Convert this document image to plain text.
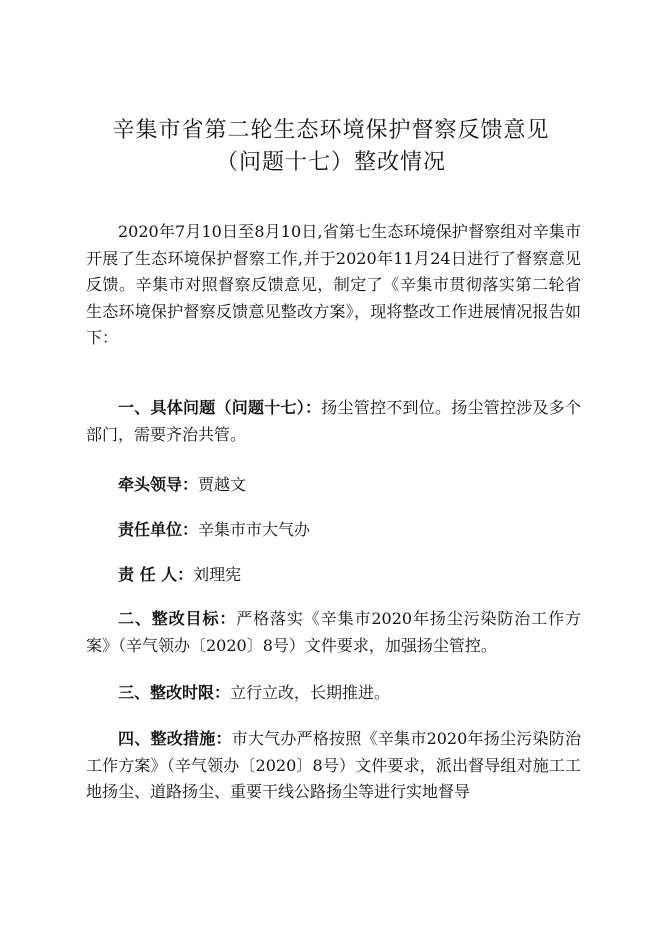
辛集市省第二轮生态环境保护督察反馈意见
（问题十七）整改情况

2020年7月10日至8月10日,省第七生态环境保护督察组对辛集市开展了生态环境保护督察工作,并于2020年11月24日进行了督察意见反馈。辛集市对照督察反馈意见，制定了《辛集市贯彻落实第二轮省生态环境保护督察反馈意见整改方案》，现将整改工作进展情况报告如下：

一、具体问题（问题十七）：扬尘管控不到位。扬尘管控涉及多个部门，需要齐治共管。

牵头领导：贾越文

责任单位：辛集市市大气办

责 任 人：刘理宪

二、整改目标：严格落实《辛集市2020年扬尘污染防治工作方案》（辛气领办〔2020〕8号）文件要求，加强扬尘管控。

三、整改时限：立行立改，长期推进。

四、整改措施：市大气办严格按照《辛集市2020年扬尘污染防治工作方案》（辛气领办〔2020〕8号）文件要求，派出督导组对施工工地扬尘、道路扬尘、重要干线公路扬尘等进行实地督导
